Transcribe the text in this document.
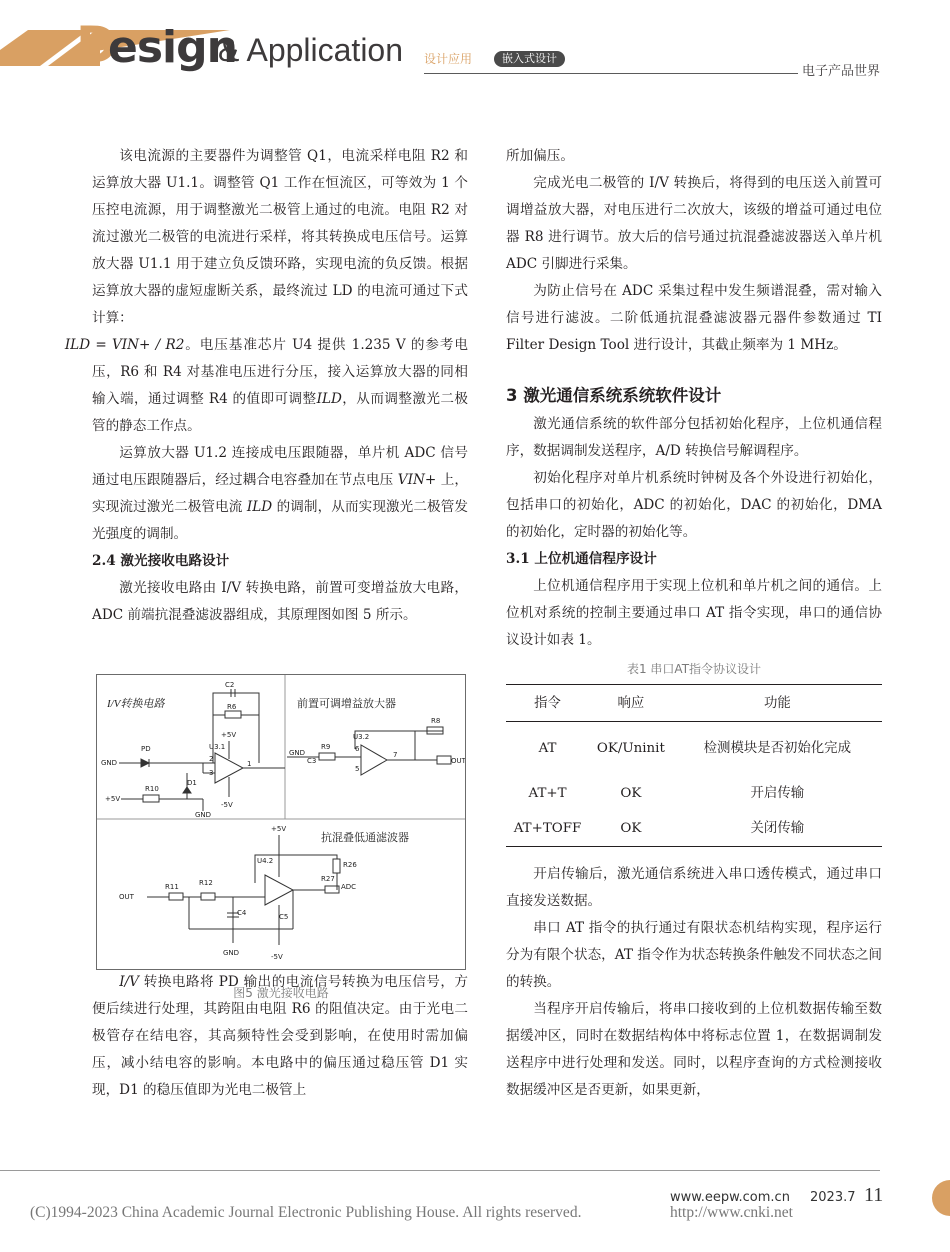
D
esign
& Application 设计应用	嵌入式设计
电子产品世界

该电流源的主要器件为调整管 Q1，电流采样电阻 R2 和运算放大器 U1.1。调整管 Q1 工作在恒流区，可等效为 1 个压控电流源，用于调整激光二极管上通过的电流。电阻 R2 对流过激光二极管的电流进行采样，将其转换成电压信号。运算放大器 U1.1 用于建立负反馈环路，实现电流的负反馈。根据运算放大器的虚短虚断关系，最终流过 LD 的电流可通过下式计算：
ILD = VIN+ / R2。电压基准芯片 U4 提供 1.235 V 的参考电压，R6 和 R4 对基准电压进行分压，接入运算放大器的同相输入端，通过调整 R4 的值即可调整ILD，从而调整激光二极管的静态工作点。

运算放大器 U1.2 连接成电压跟随器，单片机 ADC 信号通过电压跟随器后，经过耦合电容叠加在节点电压 VIN+ 上，实现流过激光二极管电流 ILD 的调制，从而实现激光二极管发光强度的调制。

2.4 激光接收电路设计

激光接收电路由 I/V 转换电路，前置可变增益放大电路，ADC 前端抗混叠滤波器组成，其原理图如图 5 所示。

I/V 转换电路将 PD 输出的电流信号转换为电压信号，方便后续进行处理，其跨阻由电阻 R6 的阻值决定。由于光电二极管存在结电容，其高频特性会受到影响，在使用时需加偏压，减小结电容的影响。本电路中的偏压通过稳压管 D1 实现，D1 的稳压值即为光电二极管上

I/V转换电路	前置可调增益放大器
抗混叠低通滤波器
C2
R6
PD
GND
U3.1
+5V
D1
R10
+5V
-5V
GND
2
3
1
U3.2
R9
C3
GND
R8
OUT
6
5
7
+5V
U4.2	R26
R27
ADC
OUT
R11	R12
C4	C5
GND	-5V
图5 激光接收电路

所加偏压。

完成光电二极管的 I/V 转换后，将得到的电压送入前置可调增益放大器，对电压进行二次放大，该级的增益可通过电位器 R8 进行调节。放大后的信号通过抗混叠滤波器送入单片机 ADC 引脚进行采集。

为防止信号在 ADC 采集过程中发生频谱混叠，需对输入信号进行滤波。二阶低通抗混叠滤波器元器件参数通过 TI Filter Design Tool 进行设计，其截止频率为 1 MHz。

3 激光通信系统系统软件设计

激光通信系统的软件部分包括初始化程序，上位机通信程序，数据调制发送程序，A/D 转换信号解调程序。

初始化程序对单片机系统时钟树及各个外设进行初始化，包括串口的初始化，ADC 的初始化，DAC 的初始化，DMA 的初始化，定时器的初始化等。

3.1 上位机通信程序设计

上位机通信程序用于实现上位机和单片机之间的通信。上位机对系统的控制主要通过串口 AT 指令实现，串口的通信协议设计如表 1。

表1 串口AT指令协议设计
指令	响应	功能
AT	OK/Uninit	检测模块是否初始化完成
AT+T	OK	开启传输
AT+TOFF	OK	关闭传输

开启传输后，激光通信系统进入串口透传模式，通过串口直接发送数据。

串口 AT 指令的执行通过有限状态机结构实现，程序运行分为有限个状态，AT 指令作为状态转换条件触发不同状态之间的转换。

当程序开启传输后，将串口接收到的上位机数据传输至数据缓冲区，同时在数据结构体中将标志位置 1，在数据调制发送程序中进行处理和发送。同时，以程序查询的方式检测接收数据缓冲区是否更新，如果更新，

www.eepw.com.cn 2023.7 11
(C)1994-2023 China Academic Journal Electronic Publishing House. All rights reserved.	http://www.cnki.net
